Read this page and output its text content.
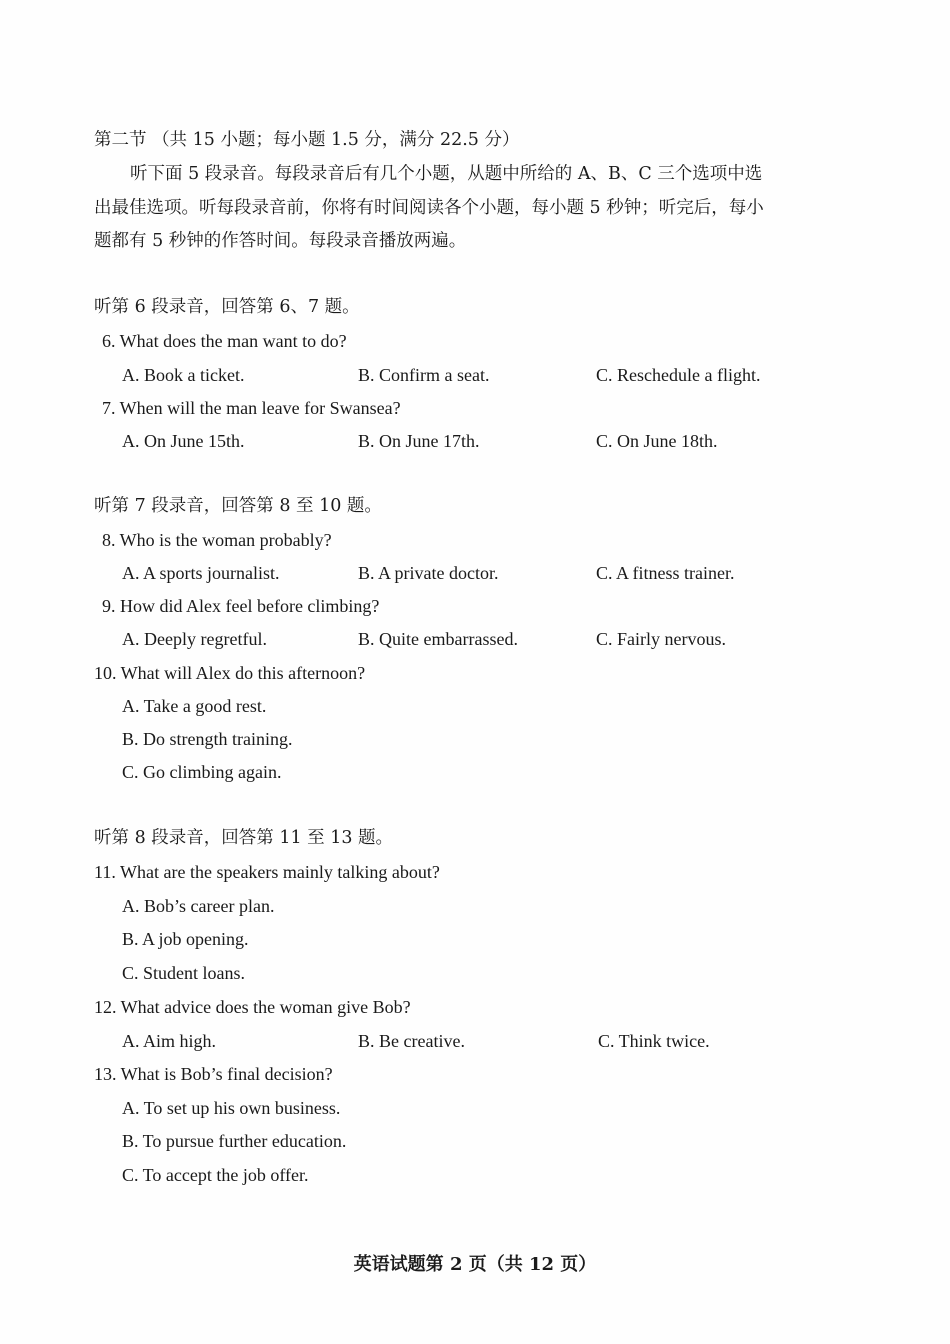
第二节 （共 15 小题；每小题 1.5 分，满分 22.5 分）
听下面 5 段录音。每段录音后有几个小题，从题中所给的 A、B、C 三个选项中选
出最佳选项。听每段录音前，你将有时间阅读各个小题，每小题 5 秒钟；听完后，每小
题都有 5 秒钟的作答时间。每段录音播放两遍。
听第 6 段录音，回答第 6、7 题。
6. What does the man want to do?
A. Book a ticket.	B. Confirm a seat.	C. Reschedule a flight.
7. When will the man leave for Swansea?
A. On June 15th.	B. On June 17th.	C. On June 18th.
听第 7 段录音，回答第 8 至 10 题。
8. Who is the woman probably?
A. A sports journalist.	B. A private doctor.	C. A fitness trainer.
9. How did Alex feel before climbing?
A. Deeply regretful.	B. Quite embarrassed.	C. Fairly nervous.
10. What will Alex do this afternoon?
A. Take a good rest.
B. Do strength training.
C. Go climbing again.
听第 8 段录音，回答第 11 至 13 题。
11. What are the speakers mainly talking about?
A. Bob’s career plan.
B. A job opening.
C. Student loans.
12. What advice does the woman give Bob?
A. Aim high.	B. Be creative.	C. Think twice.
13. What is Bob’s final decision?
A. To set up his own business.
B. To pursue further education.
C. To accept the job offer.
英语试题第 2 页（共 12 页）
